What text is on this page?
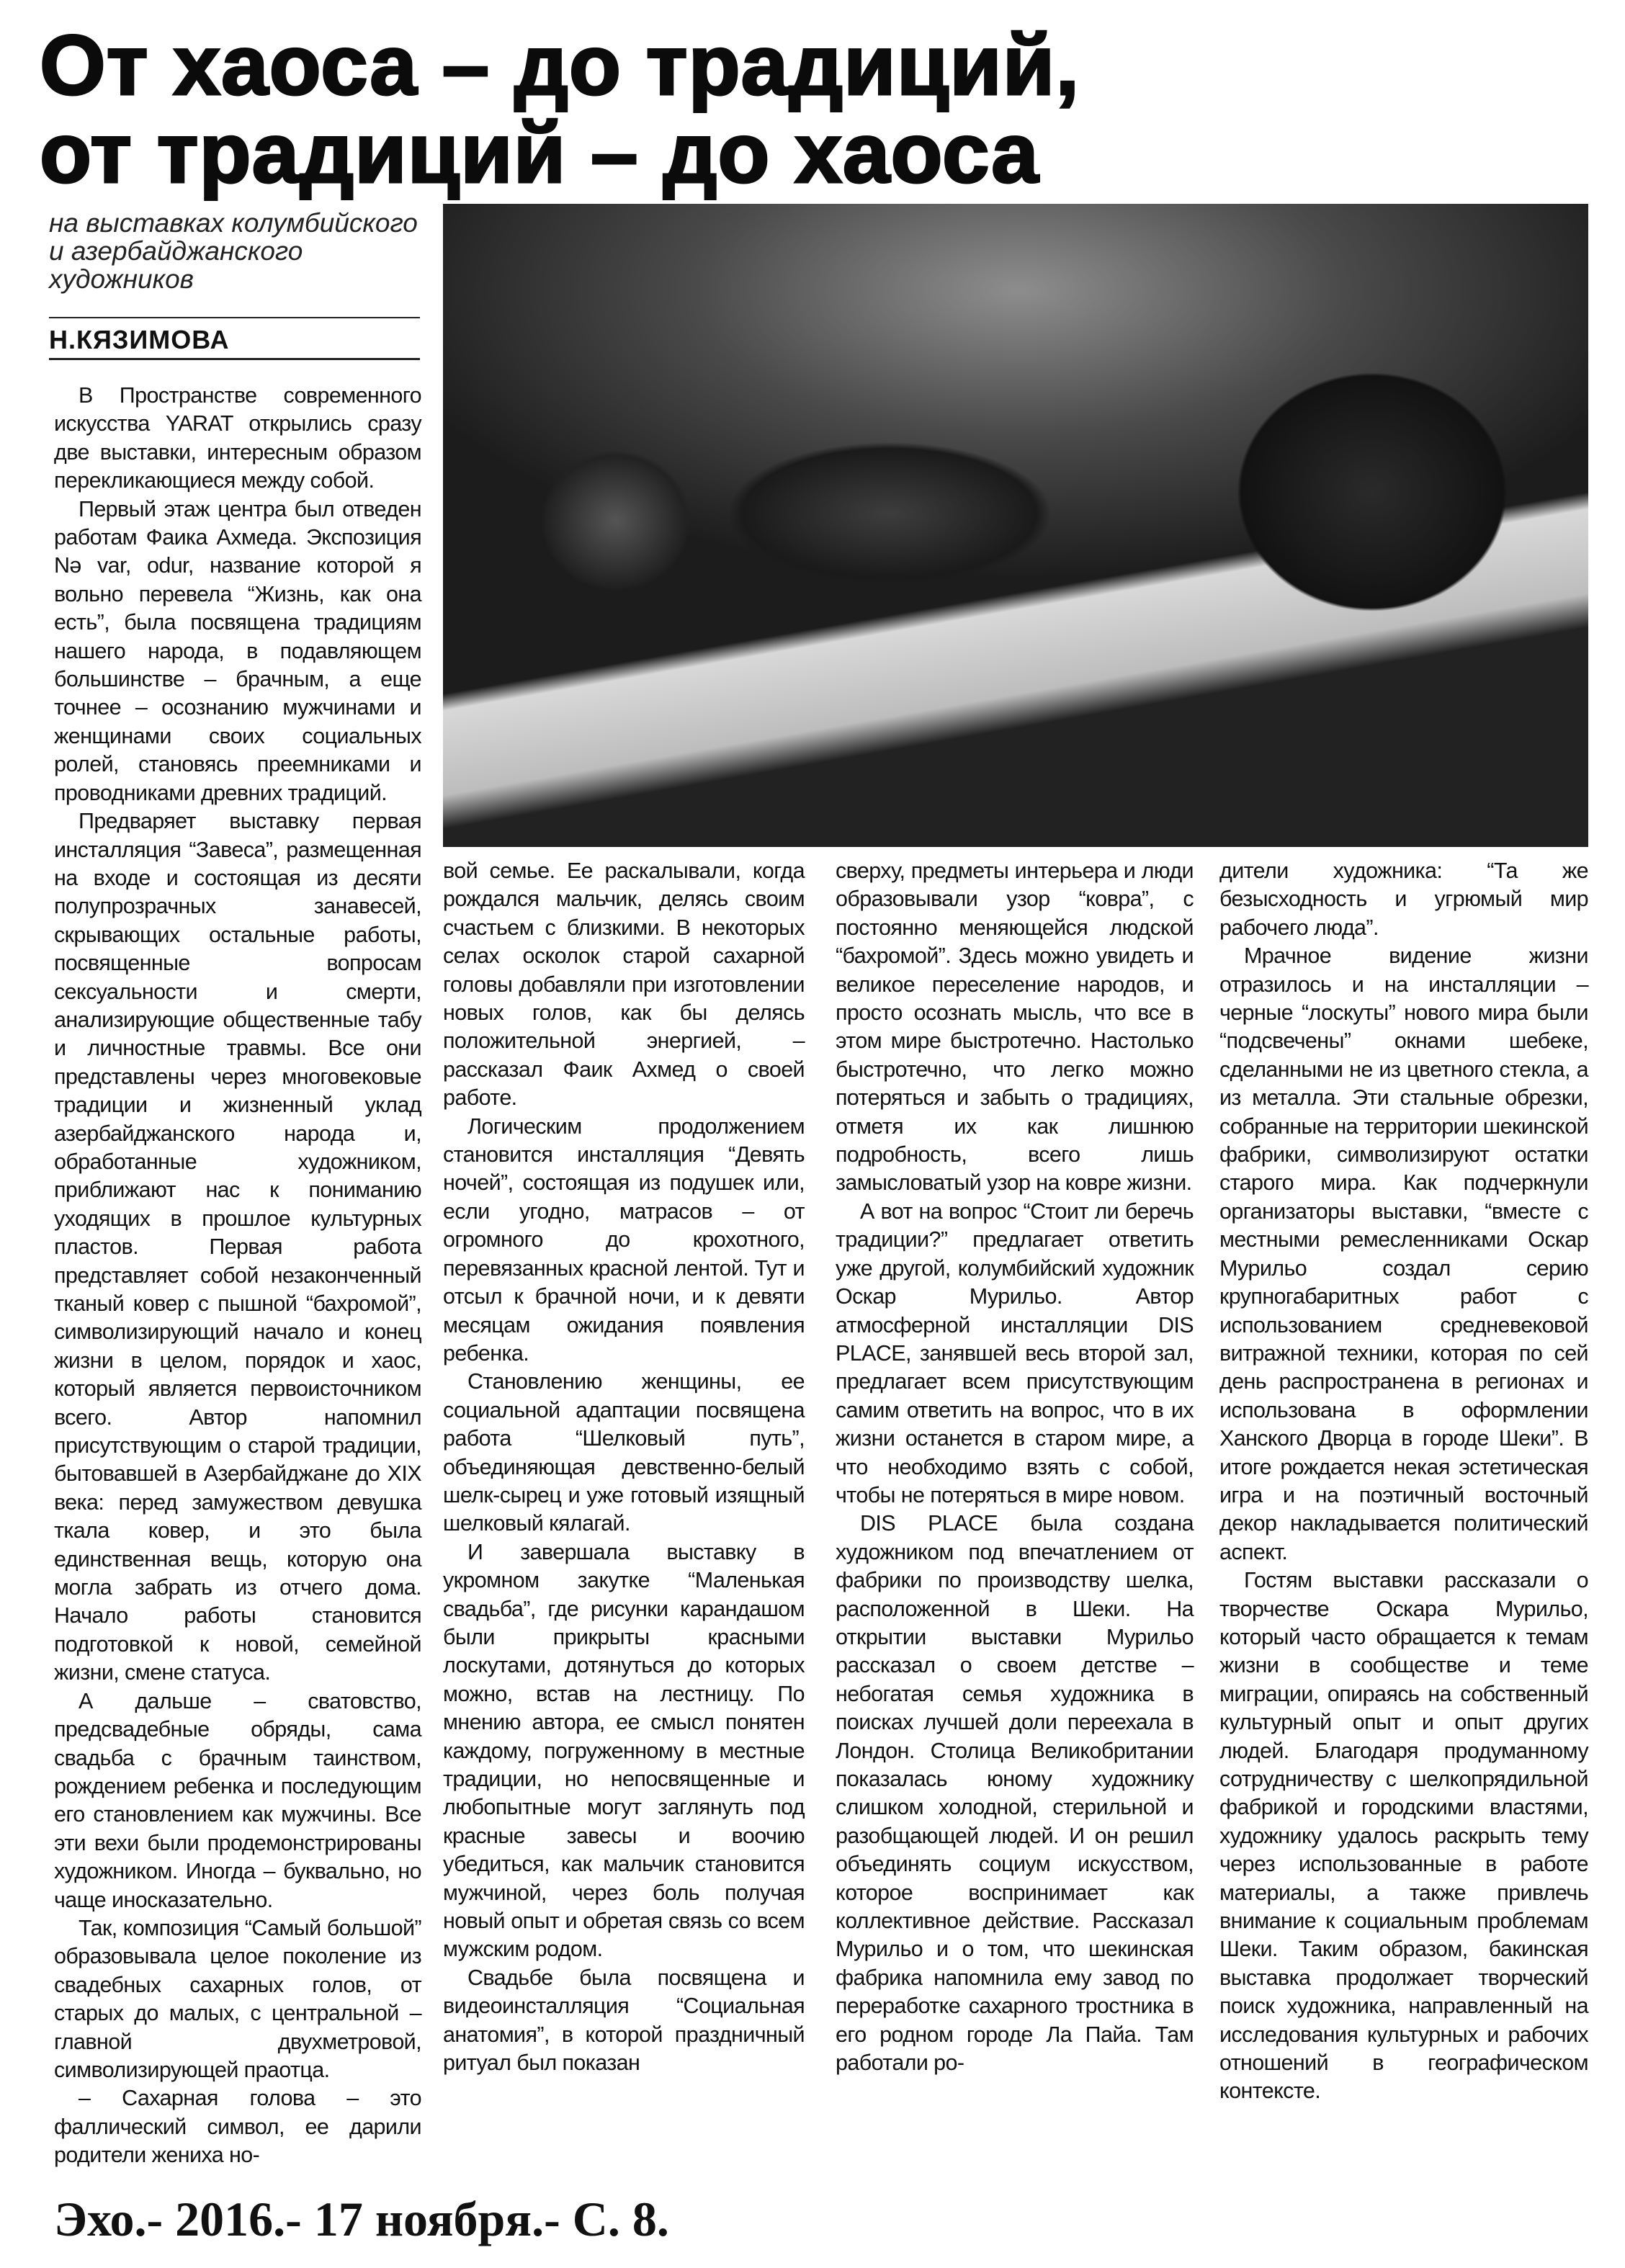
От хаоса – до традиций,
от традиций – до хаоса
на выставках колумбийского и азербайджанского художников
Н.КЯЗИМОВА

В Пространстве современного искусства YARAT открылись сразу две выставки, интересным образом перекликающиеся между собой.

Первый этаж центра был отведен работам Фаика Ахмеда. Экспозиция Nə var, odur, название которой я вольно перевела “Жизнь, как она есть”, была посвящена традициям нашего народа, в подавляющем большинстве – брачным, а еще точнее – осознанию мужчинами и женщинами своих социальных ролей, становясь преемниками и проводниками древних традиций.

Предваряет выставку первая инсталляция “Завеса”, размещенная на входе и состоящая из десяти полупрозрачных занавесей, скрывающих остальные работы, посвященные вопросам сексуальности и смерти, анализирующие общественные табу и личностные травмы. Все они представлены через многовековые традиции и жизненный уклад азербайджанского народа и, обработанные художником, приближают нас к пониманию уходящих в прошлое культурных пластов. Первая работа представляет собой незаконченный тканый ковер с пышной “бахромой”, символизирующий начало и конец жизни в целом, порядок и хаос, который является первоисточником всего. Автор напомнил присутствующим о старой традиции, бытовавшей в Азербайджане до XIX века: перед замужеством девушка ткала ковер, и это была единственная вещь, которую она могла забрать из отчего дома. Начало работы становится подготовкой к новой, семейной жизни, смене статуса.

А дальше – сватовство, предсвадебные обряды, сама свадьба с брачным таинством, рождением ребенка и последующим его становлением как мужчины. Все эти вехи были продемонстрированы художником. Иногда – буквально, но чаще иносказательно.

Так, композиция “Самый большой” образовывала целое поколение из свадебных сахарных голов, от старых до малых, с центральной – главной двухметровой, символизирующей праотца.

– Сахарная голова – это фаллический символ, ее дарили родители жениха но-

вой семье. Ее раскалывали, когда рождался мальчик, делясь своим счастьем с близкими. В некоторых селах осколок старой сахарной головы добавляли при изготовлении новых голов, как бы делясь положительной энергией, – рассказал Фаик Ахмед о своей работе.

Логическим продолжением становится инсталляция “Девять ночей”, состоящая из подушек или, если угодно, матрасов – от огромного до крохотного, перевязанных красной лентой. Тут и отсыл к брачной ночи, и к девяти месяцам ожидания появления ребенка.

Становлению женщины, ее социальной адаптации посвящена работа “Шелковый путь”, объединяющая девственно-белый шелк-сырец и уже готовый изящный шелковый кялагай.

И завершала выставку в укромном закутке “Маленькая свадьба”, где рисунки карандашом были прикрыты красными лоскутами, дотянуться до которых можно, встав на лестницу. По мнению автора, ее смысл понятен каждому, погруженному в местные традиции, но непосвященные и любопытные могут заглянуть под красные завесы и воочию убедиться, как мальчик становится мужчиной, через боль получая новый опыт и обретая связь со всем мужским родом.

Свадьбе была посвящена и видеоинсталляция “Социальная анатомия”, в которой праздничный ритуал был показан

сверху, предметы интерьера и люди образовывали узор “ковра”, с постоянно меняющейся людской “бахромой”. Здесь можно увидеть и великое переселение народов, и просто осознать мысль, что все в этом мире быстротечно. Настолько быстротечно, что легко можно потеряться и забыть о традициях, отметя их как лишнюю подробность, всего лишь замысловатый узор на ковре жизни.

А вот на вопрос “Стоит ли беречь традиции?” предлагает ответить уже другой, колумбийский художник Оскар Мурильо. Автор атмосферной инсталляции DIS PLACE, занявшей весь второй зал, предлагает всем присутствующим самим ответить на вопрос, что в их жизни останется в старом мире, а что необходимо взять с собой, чтобы не потеряться в мире новом.

DIS PLACE была создана художником под впечатлением от фабрики по производству шелка, расположенной в Шеки. На открытии выставки Мурильо рассказал о своем детстве – небогатая семья художника в поисках лучшей доли переехала в Лондон. Столица Великобритании показалась юному художнику слишком холодной, стерильной и разобщающей людей. И он решил объединять социум искусством, которое воспринимает как коллективное действие. Рассказал Мурильо и о том, что шекинская фабрика напомнила ему завод по переработке сахарного тростника в его родном городе Ла Пайа. Там работали ро-

дители художника: “Та же безысходность и угрюмый мир рабочего люда”.

Мрачное видение жизни отразилось и на инсталляции – черные “лоскуты” нового мира были “подсвечены” окнами шебеке, сделанными не из цветного стекла, а из металла. Эти стальные обрезки, собранные на территории шекинской фабрики, символизируют остатки старого мира. Как подчеркнули организаторы выставки, “вместе с местными ремесленниками Оскар Мурильо создал серию крупногабаритных работ с использованием средневековой витражной техники, которая по сей день распространена в регионах и использована в оформлении Ханского Дворца в городе Шеки”. В итоге рождается некая эстетическая игра и на поэтичный восточный декор накладывается политический аспект.

Гостям выставки рассказали о творчестве Оскара Мурильо, который часто обращается к темам жизни в сообществе и теме миграции, опираясь на собственный культурный опыт и опыт других людей. Благодаря продуманному сотрудничеству с шелкопрядильной фабрикой и городскими властями, художнику удалось раскрыть тему через использованные в работе материалы, а также привлечь внимание к социальным проблемам Шеки. Таким образом, бакинская выставка продолжает творческий поиск художника, направленный на исследования культурных и рабочих отношений в географическом контексте.

Эхо.- 2016.- 17 ноября.- С. 8.
